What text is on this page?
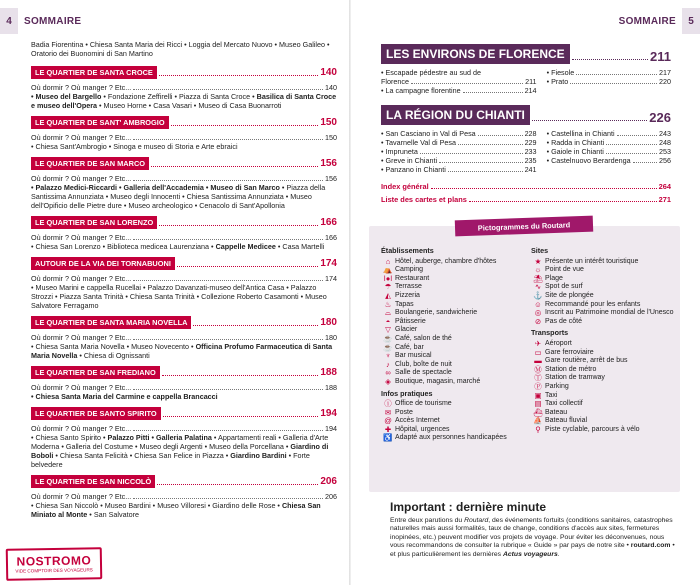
4	SOMMAIRE
Badia Fiorentina • Chiesa Santa Maria dei Ricci • Loggia del Mercato Nuovo • Museo Galileo • Oratorio dei Buonomini di San Martino
LE QUARTIER DE SANTA CROCE	140
Où dormir ? Où manger ? Etc...	140
• Museo del Bargello • Fondazione Zeffirelli • Piazza di Santa Croce • Basilica di Santa Croce e museo dell'Opera • Museo Horne • Casa Vasari • Museo di Casa Buonarroti
LE QUARTIER DE SANT' AMBROGIO	150
Où dormir ? Où manger ? Etc...	150
• Chiesa Sant'Ambrogio • Sinoga e museo di Storia e Arte ebraici
LE QUARTIER DE SAN MARCO	156
Où dormir ? Où manger ? Etc...	156
• Palazzo Medici-Riccardi • Galleria dell'Accademia • Museo di San Marco • Piazza della Santissima Annunziata • Museo degli Innocenti • Chiesa Santissima Annunziata • Museo dell'Opificio delle Pietre dure • Museo archeologico • Cenacolo di Sant'Apollonia
LE QUARTIER DE SAN LORENZO	166
Où dormir ? Où manger ? Etc...	166
• Chiesa San Lorenzo • Biblioteca medicea Laurenziana • Cappelle Medicee • Casa Martelli
AUTOUR DE LA VIA DEI TORNABUONI	174
Où dormir ? Où manger ? Etc...	174
• Museo Marini e cappella Rucellai • Palazzo Davanzati-museo dell'Antica Casa • Palazzo Strozzi • Piazza Santa Trinità • Chiesa Santa Trinità • Collezione Roberto Casamonti • Museo Salvatore Ferragamo
LE QUARTIER DE SANTA MARIA NOVELLA	180
Où dormir ? Où manger ? Etc...	180
• Chiesa Santa Maria Novella • Museo Novecento • Officina Profumo Farmaceutica di Santa Maria Novella • Chiesa di Ognissanti
LE QUARTIER DE SAN FREDIANO	188
Où dormir ? Où manger ? Etc...	188
• Chiesa Santa Maria del Carmine e cappella Brancacci
LE QUARTIER DE SANTO SPIRITO	194
Où dormir ? Où manger ? Etc...	194
• Chiesa Santo Spirito • Palazzo Pitti • Galleria Palatina • Appartamenti reali • Galleria d'Arte Moderna • Galleria del Costume • Museo degli Argenti • Museo della Porcellana • Giardino di Boboli • Chiesa Santa Felicità • Chiesa San Felice in Piazza • Giardino Bardini • Forte belvedere
LE QUARTIER DE SAN NICCOLÒ	206
Où dormir ? Où manger ? Etc...	206
• Chiesa San Niccolò • Museo Bardini • Museo Villoresi • Giardino delle Rose • Chiesa San Miniato al Monte • San Salvatore
SOMMAIRE	5
LES ENVIRONS DE FLORENCE	211
• Escapade pédestre au sud de
Florence	211
• La campagne florentine	214
• Fiesole	217
• Prato	220
LA RÉGION DU CHIANTI	226
• San Casciano in Val di Pesa	228
• Tavarnelle Val di Pesa	229
• Impruneta	233
• Greve in Chianti	235
• Panzano in Chianti	241
• Castellina in Chianti	243
• Radda in Chianti	248
• Gaiole in Chianti	253
• Castelnuovo Berardenga	256
Index général	264
Liste des cartes et plans	271
Pictogrammes du Routard
Établissements
⌂ Hôtel, auberge, chambre d'hôtes
⛺ Camping
ǀ●ǀ Restaurant
☂ Terrasse
◭ Pizzeria
♨ Tapas
⌓ Boulangerie, sandwicherie
◓ Pâtisserie
▽ Glacier
☕ Café, salon de thé
☕ Café, bar
♆ Bar musical
♪ Club, boîte de nuit
∞ Salle de spectacle
◈ Boutique, magasin, marché
Infos pratiques
ⓘ Office de tourisme
✉ Poste
@ Accès Internet
✚ Hôpital, urgences
♿ Adapté aux personnes handicapées
Sites
★ Présente un intérêt touristique
☼ Point de vue
⛱ Plage
∿ Spot de surf
⚓ Site de plongée
☺ Recommandé pour les enfants
◎ Inscrit au Patrimoine mondial de l'Unesco
⊘ Pas de côté
Transports
✈ Aéroport
▭ Gare ferroviaire
▬ Gare routière, arrêt de bus
Ⓜ Station de métro
Ⓣ Station de tramway
Ⓟ Parking
▣ Taxi
▤ Taxi collectif
⛴ Bateau
⛵ Bateau fluvial
⚲ Piste cyclable, parcours à vélo
Important : dernière minute
Entre deux parutions du Routard, des événements fortuits (conditions sanitaires, catastrophes naturelles mais aussi formalités, taux de change, conditions d'accès aux sites, fermetures inopinées, etc.) peuvent modifier vos projets de voyage. Pour éviter les déconvenues, nous vous recommandons de consulter la rubrique « Guide » par pays de notre site • routard.com • et plus particulièrement les dernières Actus voyageurs.
NOSTROMO
VIDE COMPTOIR DES VOYAGEURS
